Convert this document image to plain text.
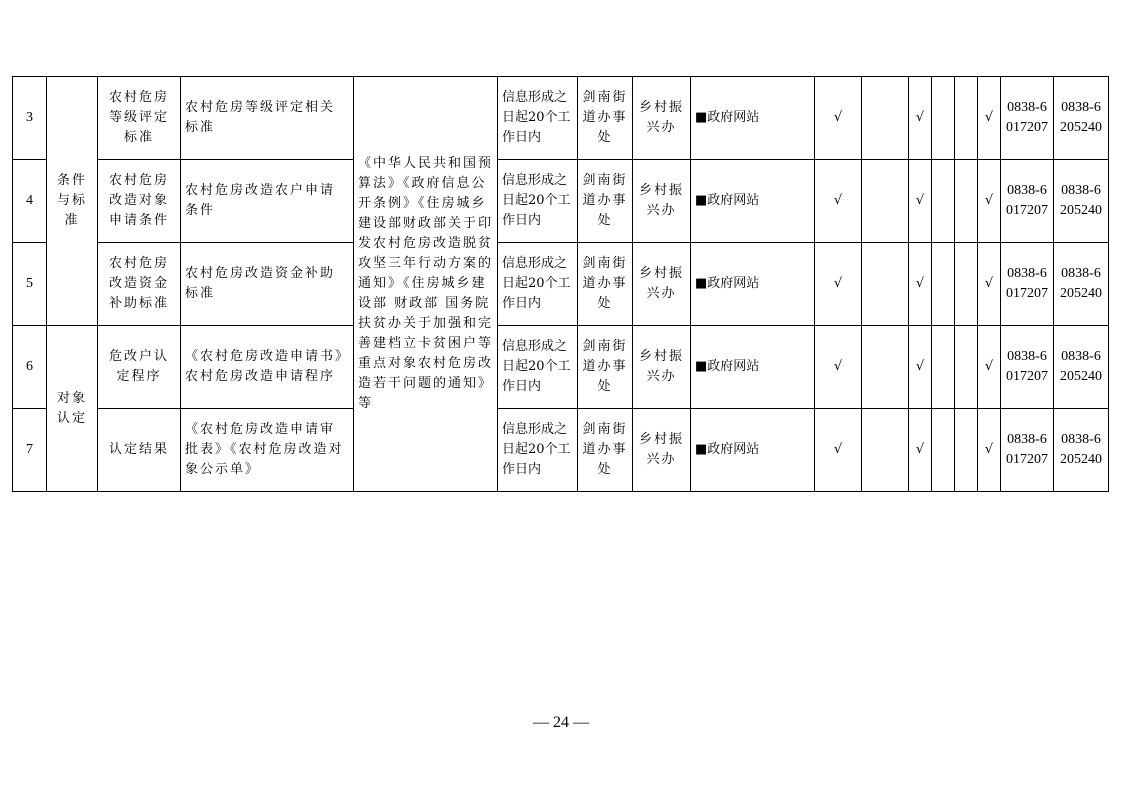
3	条件与标准	农村危房等级评定标准	农村危房等级评定相关标准	《中华人民共和国预算法》《政府信息公开条例》《住房城乡建设部财政部关于印发农村危房改造脱贫攻坚三年行动方案的通知》《住房城乡建设部 财政部 国务院扶贫办关于加强和完善建档立卡贫困户等重点对象农村危房改造若干问题的通知》等	信息形成之日起20个工作日内	剑南街道办事处	乡村振兴办	■政府网站	√		√			√	0838-6017207	0838-6205240
4		农村危房改造对象申请条件	农村危房改造农户申请条件		信息形成之日起20个工作日内	剑南街道办事处	乡村振兴办	■政府网站	√		√			√	0838-6017207	0838-6205240
5		农村危房改造资金补助标准	农村危房改造资金补助标准		信息形成之日起20个工作日内	剑南街道办事处	乡村振兴办	■政府网站	√		√			√	0838-6017207	0838-6205240
6	对象认定	危改户认定程序	《农村危房改造申请书》农村危房改造申请程序		信息形成之日起20个工作日内	剑南街道办事处	乡村振兴办	■政府网站	√		√			√	0838-6017207	0838-6205240
7		认定结果	《农村危房改造申请审批表》《农村危房改造对象公示单》		信息形成之日起20个工作日内	剑南街道办事处	乡村振兴办	■政府网站	√		√			√	0838-6017207	0838-6205240
— 24 —
